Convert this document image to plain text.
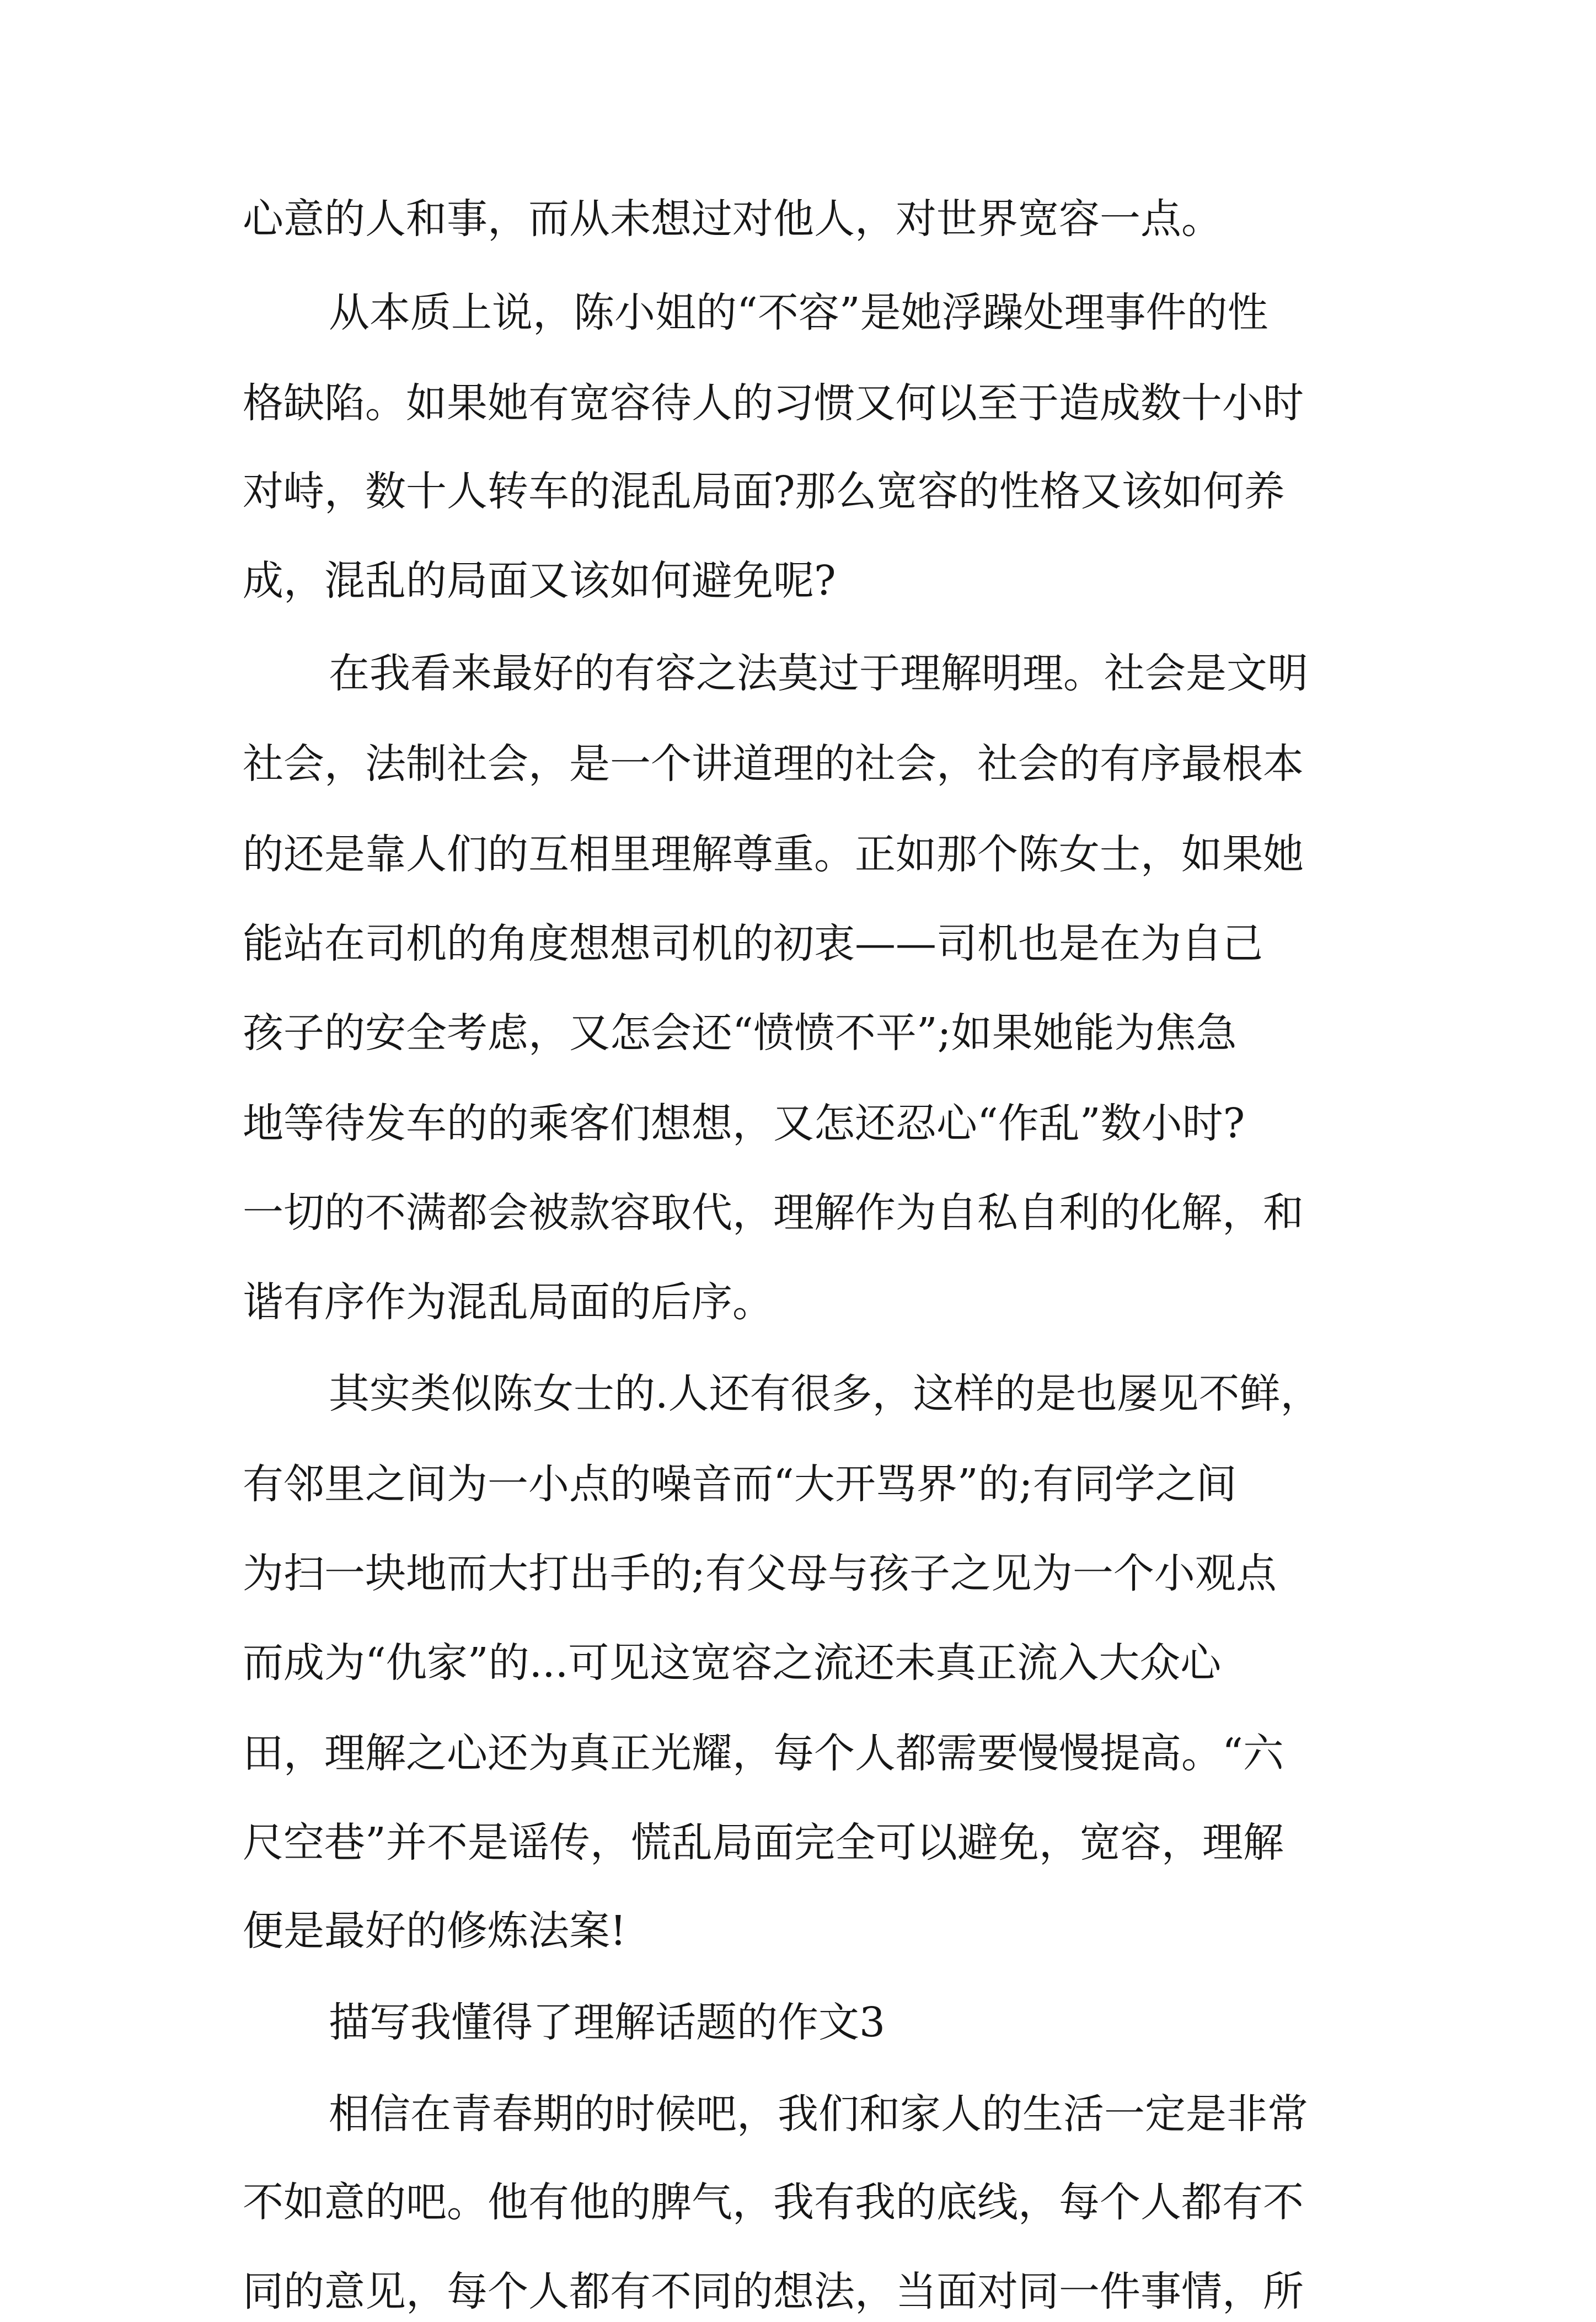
心意的人和事，而从未想过对他人，对世界宽容一点。
从本质上说，陈小姐的“不容”是她浮躁处理事件的性
格缺陷。如果她有宽容待人的习惯又何以至于造成数十小时
对峙，数十人转车的混乱局面?那么宽容的性格又该如何养
成，混乱的局面又该如何避免呢?
在我看来最好的有容之法莫过于理解明理。社会是文明
社会，法制社会，是一个讲道理的社会，社会的有序最根本
的还是靠人们的互相里理解尊重。正如那个陈女士，如果她
能站在司机的角度想想司机的初衷——司机也是在为自己
孩子的安全考虑，又怎会还“愤愤不平”;如果她能为焦急
地等待发车的的乘客们想想，又怎还忍心“作乱”数小时?
一切的不满都会被款容取代，理解作为自私自利的化解，和
谐有序作为混乱局面的后序。
其实类似陈女士的.人还有很多，这样的是也屡见不鲜，
有邻里之间为一小点的噪音而“大开骂界”的;有同学之间
为扫一块地而大打出手的;有父母与孩子之见为一个小观点
而成为“仇家”的...可见这宽容之流还未真正流入大众心
田，理解之心还为真正光耀，每个人都需要慢慢提高。“六
尺空巷”并不是谣传，慌乱局面完全可以避免，宽容，理解
便是最好的修炼法案!
描写我懂得了理解话题的作文3
相信在青春期的时候吧，我们和家人的生活一定是非常
不如意的吧。他有他的脾气，我有我的底线，每个人都有不
同的意见，每个人都有不同的想法，当面对同一件事情，所
